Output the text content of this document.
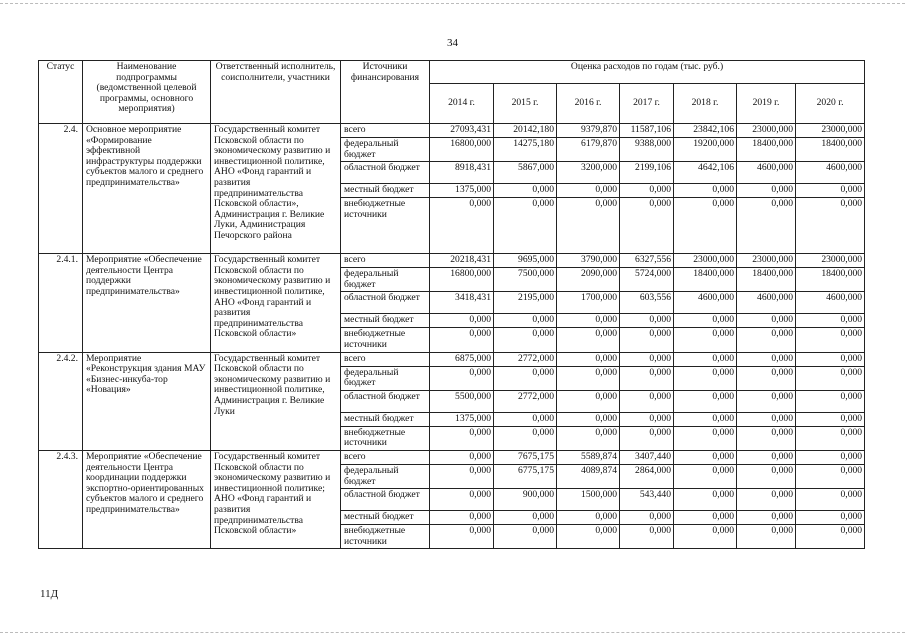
34
Статус	Наименование подпрограммы (ведомственной целевой программы, основного мероприятия)	Ответственный исполнитель, соисполнители, участники	Источники финансирования	Оценка расходов по годам (тыс. руб.)						
				2014 г.	2015 г.	2016 г.	2017 г.	2018 г.	2019 г.	2020 г.
2.4.	Основное мероприятие «Формирование эффективной инфраструктуры поддержки субъектов малого и среднего предпринимательства»	Государственный комитет Псковской области по экономическому развитию и инвестиционной политике, АНО «Фонд гарантий и развития предпринимательства Псковской области», Администрация г. Великие Луки, Администрация Печорского района	всего	27093,431	20142,180	9379,870	11587,106	23842,106	23000,000	23000,000
			федеральный бюджет	16800,000	14275,180	6179,870	9388,000	19200,000	18400,000	18400,000
			областной бюджет	8918,431	5867,000	3200,000	2199,106	4642,106	4600,000	4600,000
			местный бюджет	1375,000	0,000	0,000	0,000	0,000	0,000	0,000
			внебюджетные источники	0,000	0,000	0,000	0,000	0,000	0,000	0,000
2.4.1.	Мероприятие «Обеспечение деятельности Центра поддержки предпринимательства»	Государственный комитет Псковской области по экономическому развитию и инвестиционной политике, АНО «Фонд гарантий и развития предпринимательства Псковской области»	всего	20218,431	9695,000	3790,000	6327,556	23000,000	23000,000	23000,000
			федеральный бюджет	16800,000	7500,000	2090,000	5724,000	18400,000	18400,000	18400,000
			областной бюджет	3418,431	2195,000	1700,000	603,556	4600,000	4600,000	4600,000
			местный бюджет	0,000	0,000	0,000	0,000	0,000	0,000	0,000
			внебюджетные источники	0,000	0,000	0,000	0,000	0,000	0,000	0,000
2.4.2.	Мероприятие «Реконструкция здания МАУ «Бизнес-инкуба-тор «Новация»	Государственный комитет Псковской области по экономическому развитию и инвестиционной политике, Администрация г. Великие Луки	всего	6875,000	2772,000	0,000	0,000	0,000	0,000	0,000
			федеральный бюджет	0,000	0,000	0,000	0,000	0,000	0,000	0,000
			областной бюджет	5500,000	2772,000	0,000	0,000	0,000	0,000	0,000
			местный бюджет	1375,000	0,000	0,000	0,000	0,000	0,000	0,000
			внебюджетные источники	0,000	0,000	0,000	0,000	0,000	0,000	0,000
2.4.3.	Мероприятие «Обеспечение деятельности Центра координации поддержки экспортно-ориентированных субъектов малого и среднего предпринимательства»	Государственный комитет Псковской области по экономическому развитию и инвестиционной политике; АНО «Фонд гарантий и развития предпринимательства Псковской области»	всего	0,000	7675,175	5589,874	3407,440	0,000	0,000	0,000
			федеральный бюджет	0,000	6775,175	4089,874	2864,000	0,000	0,000	0,000
			областной бюджет	0,000	900,000	1500,000	543,440	0,000	0,000	0,000
			местный бюджет	0,000	0,000	0,000	0,000	0,000	0,000	0,000
			внебюджетные источники	0,000	0,000	0,000	0,000	0,000	0,000	0,000
11Д
